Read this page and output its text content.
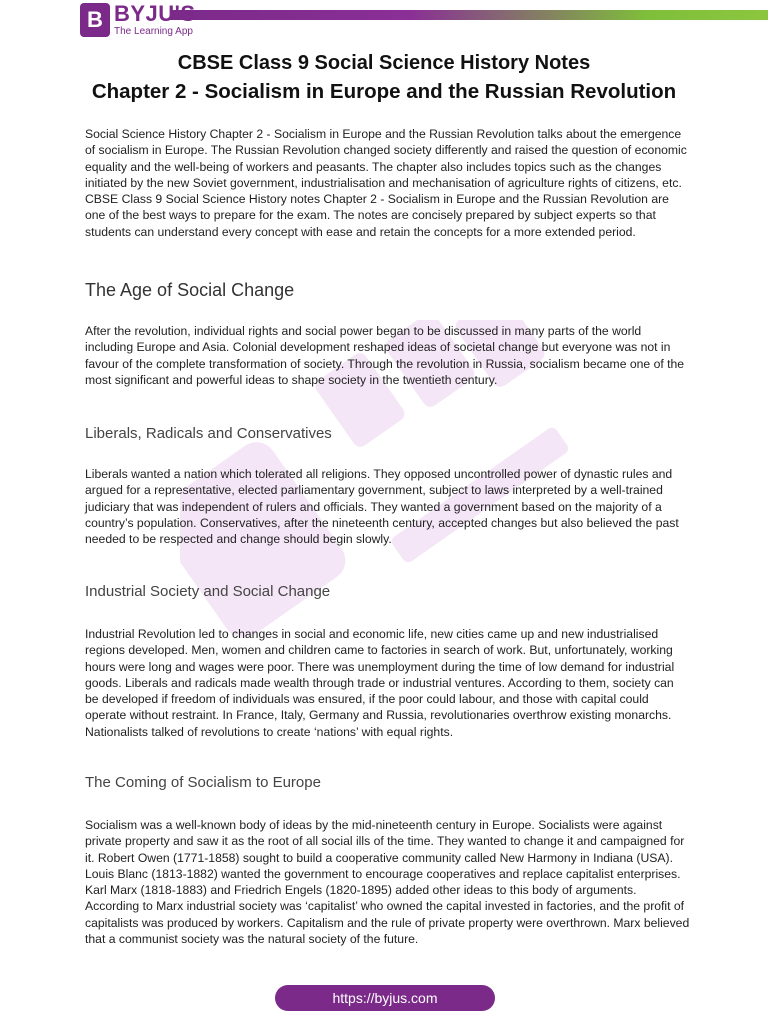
B BYJU'S
The Learning App
CBSE Class 9 Social Science History Notes
Chapter 2 - Socialism in Europe and the Russian Revolution

Social Science History Chapter 2 - Socialism in Europe and the Russian Revolution talks about the emergence of socialism in Europe. The Russian Revolution changed society differently and raised the question of economic equality and the well-being of workers and peasants. The chapter also includes topics such as the changes initiated by the new Soviet government, industrialisation and mechanisation of agriculture rights of citizens, etc. CBSE Class 9 Social Science History notes Chapter 2 - Socialism in Europe and the Russian Revolution are one of the best ways to prepare for the exam. The notes are concisely prepared by subject experts so that students can understand every concept with ease and retain the concepts for a more extended period.

The Age of Social Change

After the revolution, individual rights and social power began to be discussed in many parts of the world including Europe and Asia. Colonial development reshaped ideas of societal change but everyone was not in favour of the complete transformation of society. Through the revolution in Russia, socialism became one of the most significant and powerful ideas to shape society in the twentieth century.

Liberals, Radicals and Conservatives

Liberals wanted a nation which tolerated all religions. They opposed uncontrolled power of dynastic rules and argued for a representative, elected parliamentary government, subject to laws interpreted by a well-trained judiciary that was independent of rulers and officials. They wanted a government based on the majority of a country’s population. Conservatives, after the nineteenth century, accepted changes but also believed the past needed to be respected and change should begin slowly.

Industrial Society and Social Change

Industrial Revolution led to changes in social and economic life, new cities came up and new industrialised regions developed. Men, women and children came to factories in search of work. But, unfortunately, working hours were long and wages were poor. There was unemployment during the time of low demand for industrial goods. Liberals and radicals made wealth through trade or industrial ventures. According to them, society can be developed if freedom of individuals was ensured, if the poor could labour, and those with capital could operate without restraint. In France, Italy, Germany and Russia, revolutionaries overthrow existing monarchs. Nationalists talked of revolutions to create ‘nations’ with equal rights.

The Coming of Socialism to Europe

Socialism was a well-known body of ideas by the mid-nineteenth century in Europe. Socialists were against private property and saw it as the root of all social ills of the time. They wanted to change it and campaigned for it. Robert Owen (1771-1858) sought to build a cooperative community called New Harmony in Indiana (USA). Louis Blanc (1813-1882) wanted the government to encourage cooperatives and replace capitalist enterprises. Karl Marx (1818-1883) and Friedrich Engels (1820-1895) added other ideas to this body of arguments. According to Marx industrial society was ‘capitalist’ who owned the capital invested in factories, and the profit of capitalists was produced by workers. Capitalism and the rule of private property were overthrown. Marx believed that a communist society was the natural society of the future.

https://byjus.com
